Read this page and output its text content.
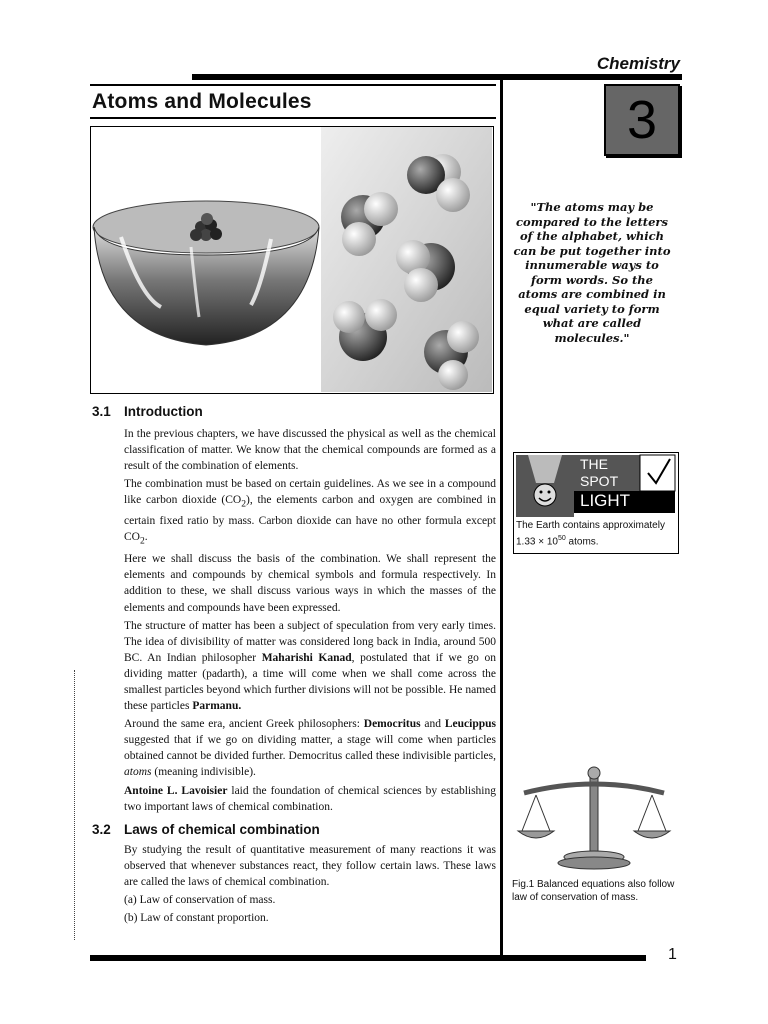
Chemistry
Atoms and Molecules	3
"The atoms may be compared to the letters of the alphabet, which can be put together into innumerable ways to form words. So the atoms are combined in equal variety to form what are called molecules."
3.1 Introduction

In the previous chapters, we have discussed the physical as well as the chemical classification of matter. We know that the chemical compounds are formed as a result of the combination of elements.

The combination must be based on certain guidelines. As we see in a compound like carbon dioxide $(CO_2)$, the elements carbon and oxygen are combined in certain fixed ratio by mass. Carbon dioxide can have no other formula except $CO_2$.

Here we shall discuss the basis of the combination. We shall represent the elements and compounds by chemical symbols and formula respectively. In addition to these, we shall discuss various ways in which the masses of the elements and compounds have been expressed.

The structure of matter has been a subject of speculation from very early times. The idea of divisibility of matter was considered long back in India, around 500 BC. An Indian philosopher Maharishi Kanad, postulated that if we go on dividing matter (padarth), a time will come when we shall come across the smallest particles beyond which further divisions will not be possible. He named these particles Parmanu.

Around the same era, ancient Greek philosophers: Democritus and Leucippus suggested that if we go on dividing matter, a stage will come when particles obtained cannot be divided further. Democritus called these indivisible particles, atoms (meaning indivisible).

Antoine L. Lavoisier laid the foundation of chemical sciences by establishing two important laws of chemical combination.

3.2 Laws of chemical combination

By studying the result of quantitative measurement of many reactions it was observed that whenever substances react, they follow certain laws. These laws are called the laws of chemical combination.

(a) Law of conservation of mass.

(b) Law of constant proportion.

THE
SPOT
LIGHT
The Earth contains approximately $1.33 \times 10^{50}$ atoms.
Fig.1 Balanced equations also follow law of conservation of mass.
1
